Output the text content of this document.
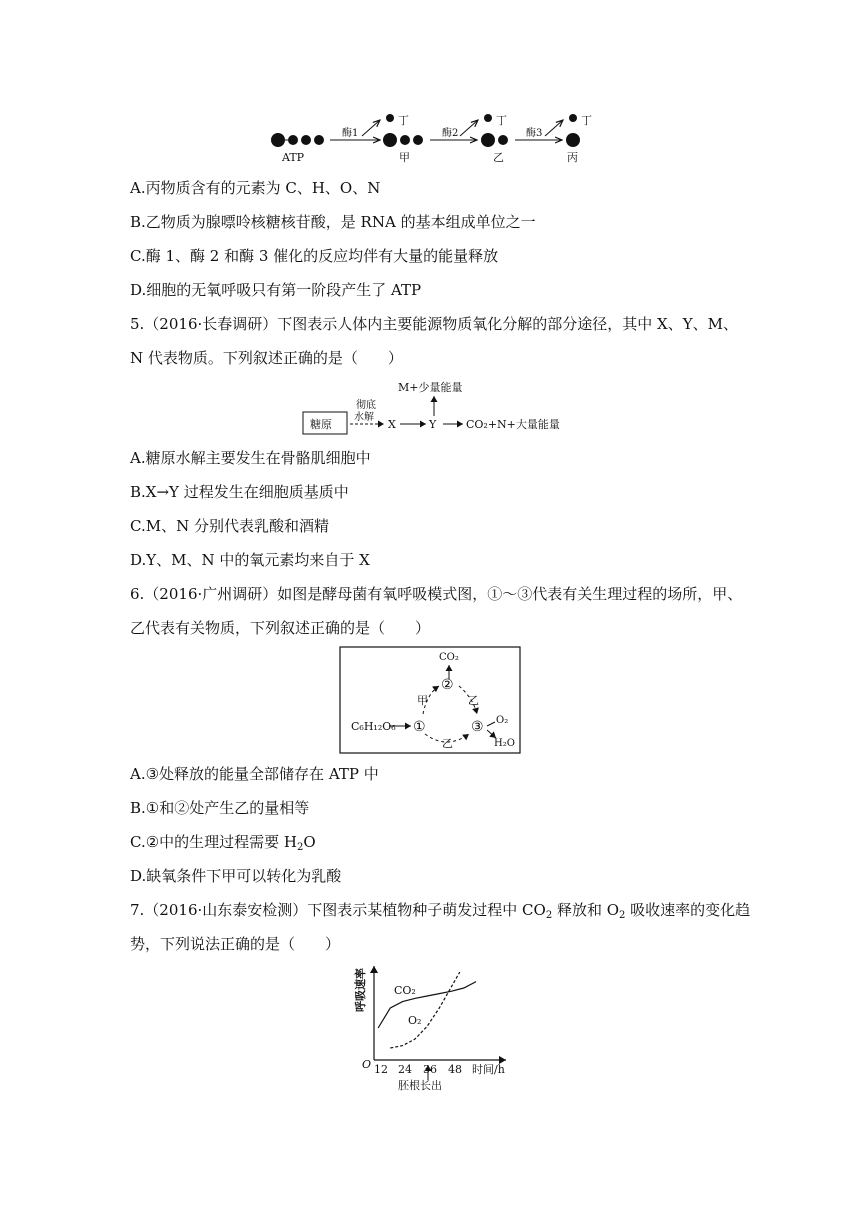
ATP
酶1
丁
甲
酶2
丁
乙
酶3
丁
丙
A.丙物质含有的元素为 C、H、O、N
B.乙物质为腺嘌呤核糖核苷酸，是 RNA 的基本组成单位之一
C.酶 1、酶 2 和酶 3 催化的反应均伴有大量的能量释放
D.细胞的无氧呼吸只有第一阶段产生了 ATP
5.（2016·长春调研）下图表示人体内主要能源物质氧化分解的部分途径，其中 X、Y、M、
N 代表物质。下列叙述正确的是（　　）
糖原
彻底
水解
X	Y
M+少量能量
CO₂+N+大量能量
A.糖原水解主要发生在骨骼肌细胞中
B.X→Y 过程发生在细胞质基质中
C.M、N 分别代表乳酸和酒精
D.Y、M、N 中的氧元素均来自于 X
6.（2016·广州调研）如图是酵母菌有氧呼吸模式图，①～③代表有关生理过程的场所，甲、
乙代表有关物质，下列叙述正确的是（　　）
CO₂
②
C₆H₁₂O₆ ①	③
甲	乙
乙
O₂
H₂O
A.③处释放的能量全部储存在 ATP 中
B.①和②处产生乙的量相等
C.②中的生理过程需要 $H_2O$
D.缺氧条件下甲可以转化为乳酸
7.（2016·山东泰安检测）下图表示某植物种子萌发过程中 $CO_2$ 释放和 $O_2$ 吸收速率的变化趋
势，下列说法正确的是（　　）
呼吸速率
O 12 24 36 48 时间/h
胚根长出
CO₂
O₂
